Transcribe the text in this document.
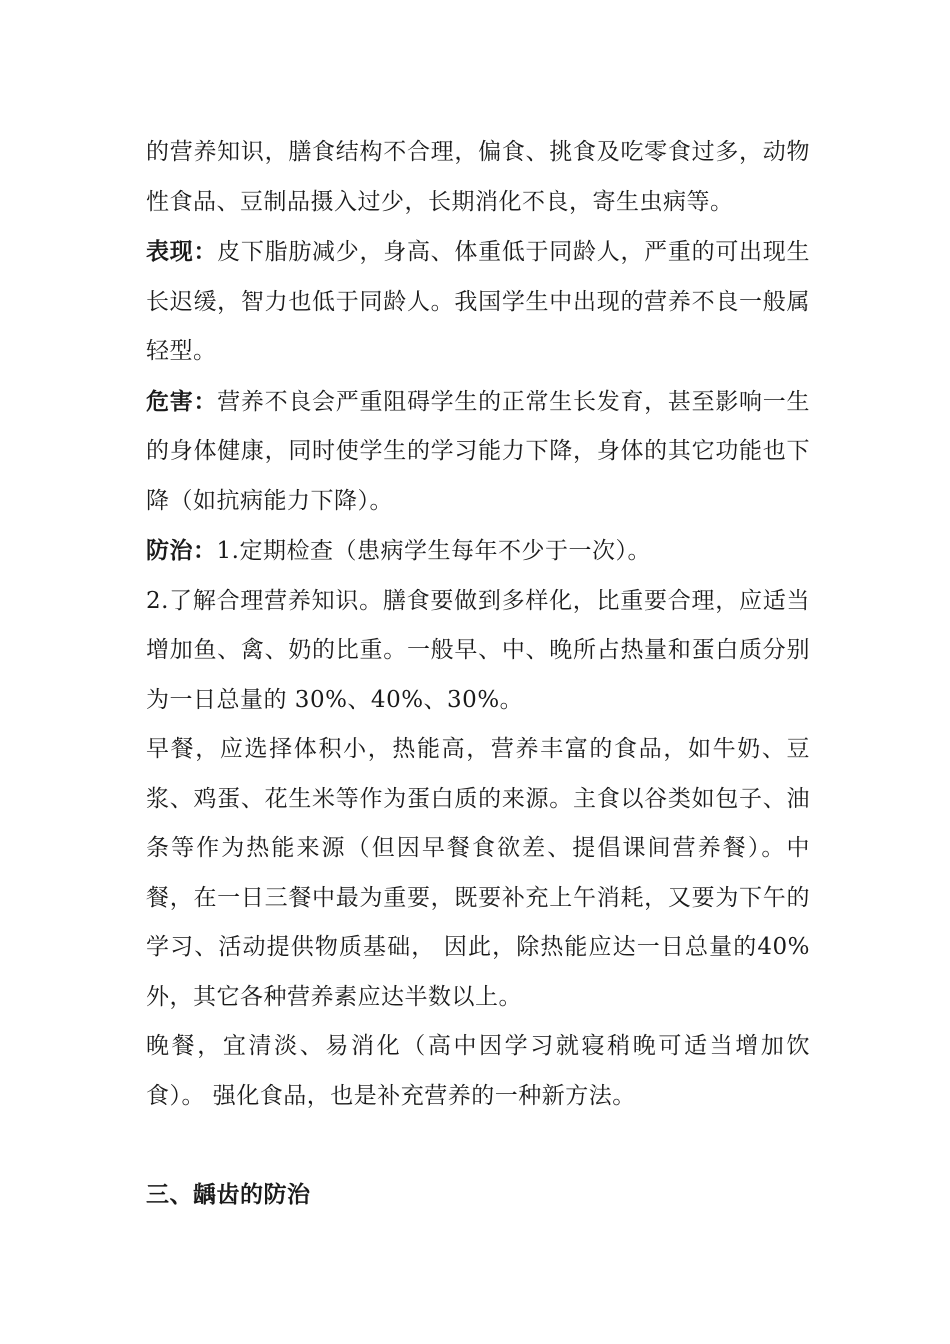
的营养知识，膳食结构不合理，偏食、挑食及吃零食过多，动物性食品、豆制品摄入过少，长期消化不良，寄生虫病等。

表现：皮下脂肪减少，身高、体重低于同龄人，严重的可出现生长迟缓，智力也低于同龄人。我国学生中出现的营养不良一般属轻型。

危害：营养不良会严重阻碍学生的正常生长发育，甚至影响一生的身体健康，同时使学生的学习能力下降，身体的其它功能也下降（如抗病能力下降）。

防治：1.定期检查（患病学生每年不少于一次）。

2.了解合理营养知识。膳食要做到多样化，比重要合理，应适当增加鱼、禽、奶的比重。一般早、中、晚所占热量和蛋白质分别为一日总量的 30%、40%、30%。

早餐，应选择体积小，热能高，营养丰富的食品，如牛奶、豆浆、鸡蛋、花生米等作为蛋白质的来源。主食以谷类如包子、油条等作为热能来源（但因早餐食欲差、提倡课间营养餐）。中餐，在一日三餐中最为重要，既要补充上午消耗，又要为下午的学习、活动提供物质基础， 因此，除热能应达一日总量的40%外，其它各种营养素应达半数以上。

晚餐，宜清淡、易消化（高中因学习就寝稍晚可适当增加饮食）。 强化食品，也是补充营养的一种新方法。

三、龋齿的防治
